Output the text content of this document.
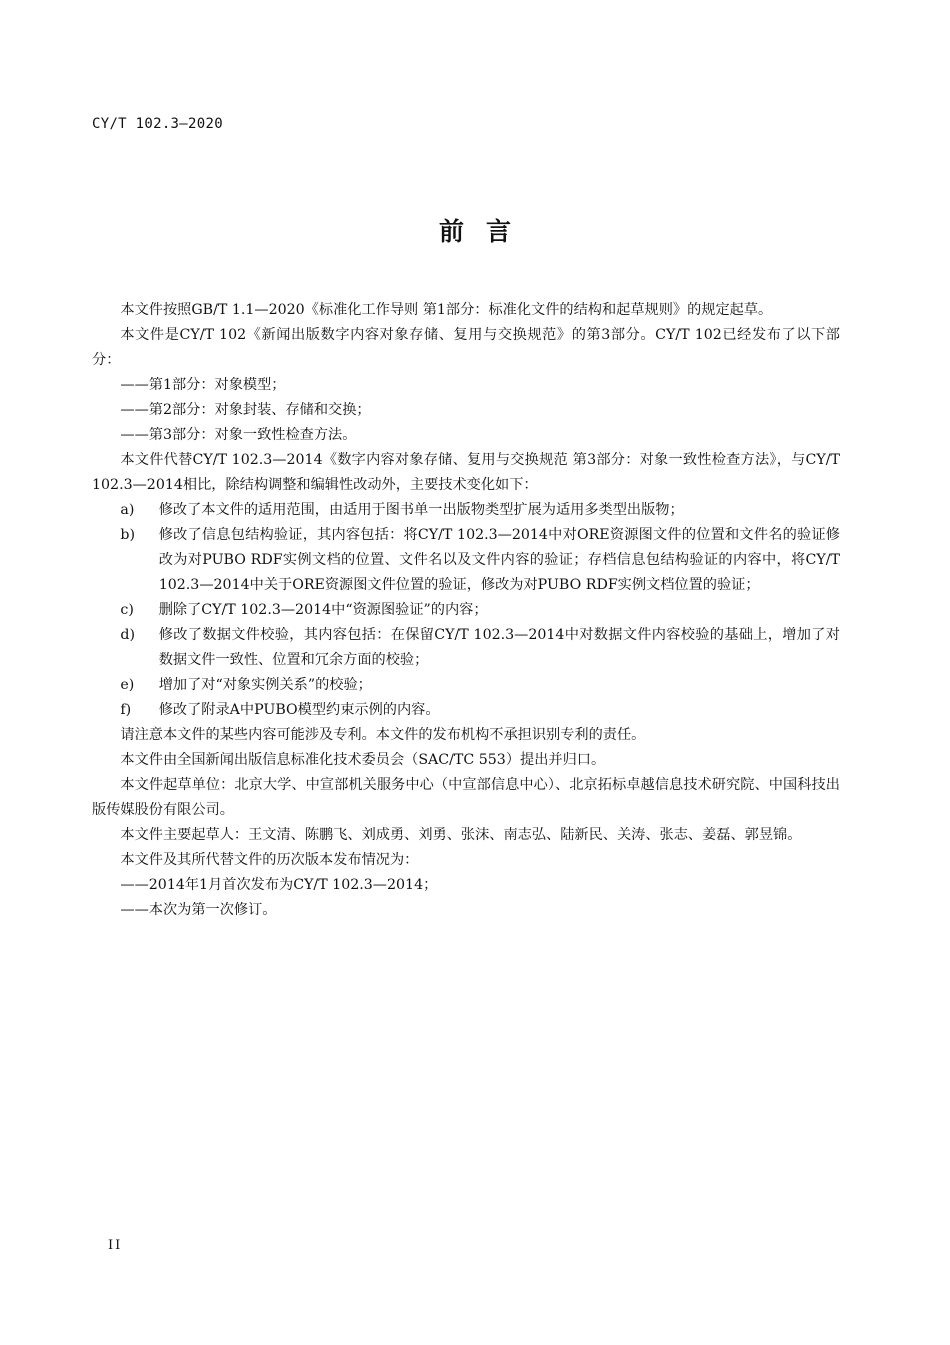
CY/T 102.3—2020
前言

本文件按照GB/T 1.1—2020《标准化工作导则 第1部分：标准化文件的结构和起草规则》的规定起草。

本文件是CY/T 102《新闻出版数字内容对象存储、复用与交换规范》的第3部分。CY/T 102已经发布了以下部分：

——第1部分：对象模型；

——第2部分：对象封装、存储和交换；

——第3部分：对象一致性检查方法。

本文件代替CY/T 102.3—2014《数字内容对象存储、复用与交换规范 第3部分：对象一致性检查方法》，与CY/T 102.3—2014相比，除结构调整和编辑性改动外，主要技术变化如下：

a)	修改了本文件的适用范围，由适用于图书单一出版物类型扩展为适用多类型出版物；
b)	修改了信息包结构验证，其内容包括：将CY/T 102.3—2014中对ORE资源图文件的位置和文件名的验证修改为对PUBO RDF实例文档的位置、文件名以及文件内容的验证；存档信息包结构验证的内容中，将CY/T 102.3—2014中关于ORE资源图文件位置的验证，修改为对PUBO RDF实例文档位置的验证；
c)	删除了CY/T 102.3—2014中“资源图验证”的内容；
d)	修改了数据文件校验，其内容包括：在保留CY/T 102.3—2014中对数据文件内容校验的基础上，增加了对数据文件一致性、位置和冗余方面的校验；
e)	增加了对“对象实例关系”的校验；
f)	修改了附录A中PUBO模型约束示例的内容。

请注意本文件的某些内容可能涉及专利。本文件的发布机构不承担识别专利的责任。

本文件由全国新闻出版信息标准化技术委员会（SAC/TC 553）提出并归口。

本文件起草单位：北京大学、中宣部机关服务中心（中宣部信息中心）、北京拓标卓越信息技术研究院、中国科技出版传媒股份有限公司。

本文件主要起草人：王文清、陈鹏飞、刘成勇、刘勇、张沫、南志弘、陆新民、关涛、张志、姜磊、郭昱锦。

本文件及其所代替文件的历次版本发布情况为：

——2014年1月首次发布为CY/T 102.3—2014；

——本次为第一次修订。

II
